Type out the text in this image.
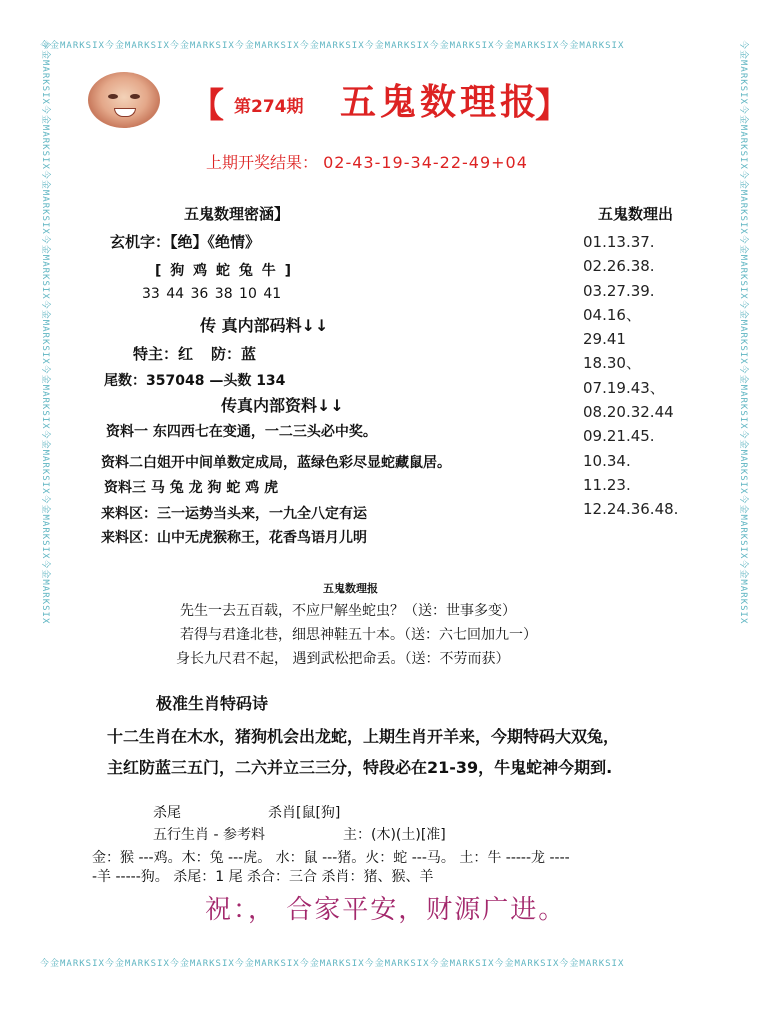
今金MARKSIX今金MARKSIX今金MARKSIX今金MARKSIX今金MARKSIX今金MARKSIX今金MARKSIX今金MARKSIX今金MARKSIX
今金MARKSIX今金MARKSIX今金MARKSIX今金MARKSIX今金MARKSIX今金MARKSIX今金MARKSIX今金MARKSIX今金MARKSIX
今金MARKSIX今金MARKSIX今金MARKSIX今金MARKSIX今金MARKSIX今金MARKSIX今金MARKSIX今金MARKSIX今金MARKSIX	今金MARKSIX今金MARKSIX今金MARKSIX今金MARKSIX今金MARKSIX今金MARKSIX今金MARKSIX今金MARKSIX今金MARKSIX
【 第274期 五鬼数理报
】
上期开奖结果： 02-43-19-34-22-49+04
五鬼数理密涵】
玄机字：【绝】《绝情》
[ 狗 鸡 蛇 兔 牛 ]
33 44 36 38 10 41
传 真内部码料↓↓
特主：红 防：蓝
尾数：357048 —头数 134
传真内部资料↓↓
资料一 东四西七在变通，一二三头必中奖。
资料二白姐开中间单数定成局，蓝绿色彩尽显蛇藏鼠居。
资料三 马 兔 龙 狗 蛇 鸡 虎
来料区：三一运势当头来，一九全八定有运
来料区：山中无虎猴称王，花香鸟语月儿明
五鬼数理出
01.13.37.
02.26.38.
03.27.39.
04.16、
29.41
18.30、
07.19.43、
08.20.32.44
09.21.45.
10.34.
11.23.
12.24.36.48.
五鬼数理报
先生一去五百载，不应尸解坐蛇虫？（送：世事多变）
若得与君逢北巷，细思神鞋五十本。（送：六七回加九一）
身长九尺君不起， 遇到武松把命丢。（送：不劳而获）
极准生肖特码诗
十二生肖在木水，猪狗机会出龙蛇，上期生肖开羊来，今期特码大双兔，
主红防蓝三五门，二六并立三三分，特段必在21-39，牛鬼蛇神今期到.
杀尾	杀肖[鼠[狗]
五行生肖 - 参考料	主：(木)(土)[准]
金：猴 ---鸡。木：兔 ---虎。 水：鼠 ---猪。火：蛇 ---马。 土：牛 -----龙 ----
-羊 -----狗。 杀尾：1 尾 杀合：三合 杀肖：猪、猴、羊
祝：， 合家平安，财源广进。
